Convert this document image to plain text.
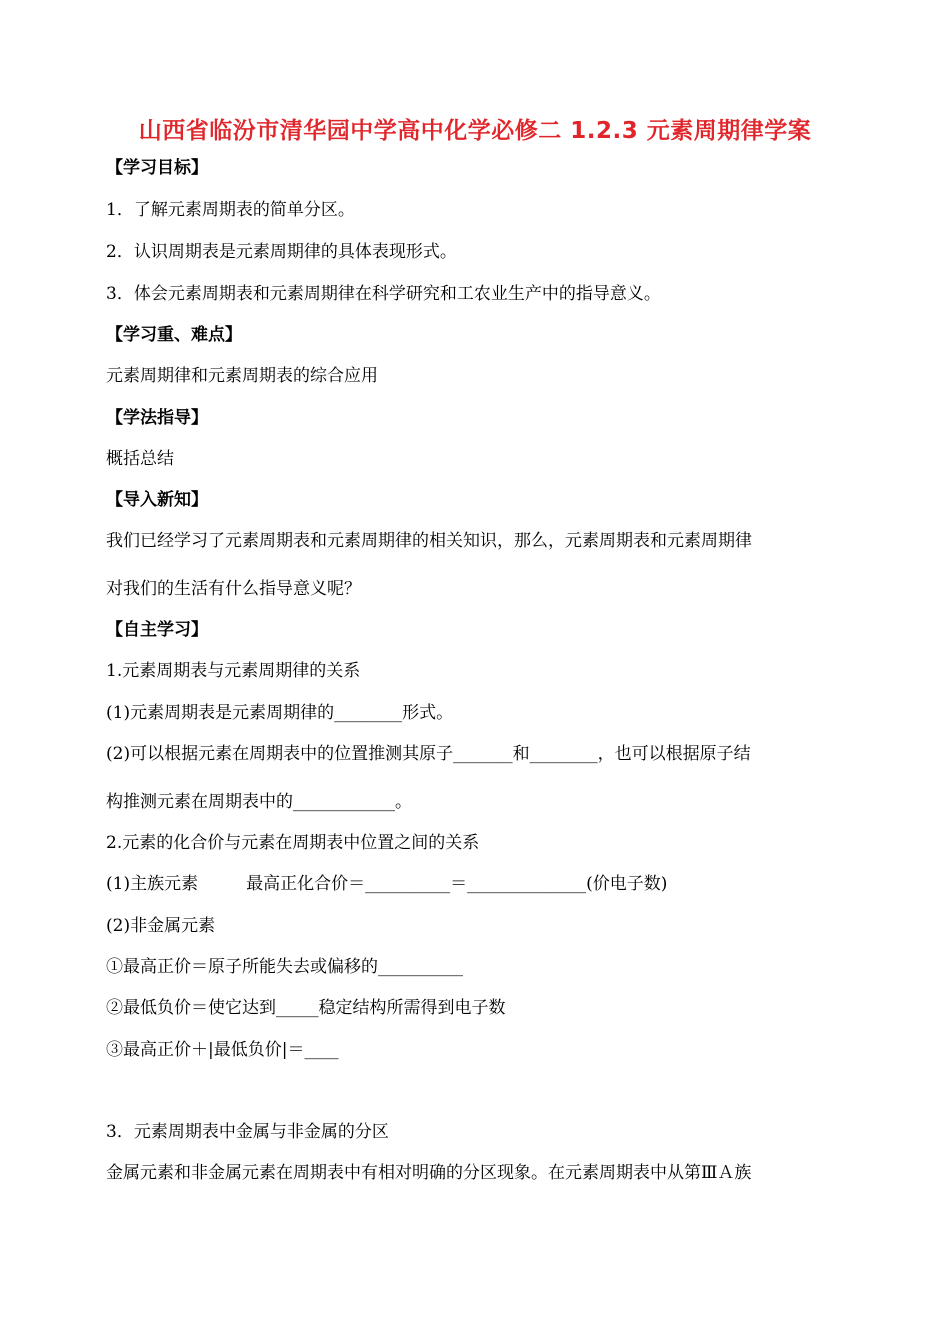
山西省临汾市清华园中学高中化学必修二 1.2.3 元素周期律学案
【学习目标】
1．了解元素周期表的简单分区。
2．认识周期表是元素周期律的具体表现形式。
3．体会元素周期表和元素周期律在科学研究和工农业生产中的指导意义。
【学习重、难点】
元素周期律和元素周期表的综合应用
【学法指导】
概括总结
【导入新知】
我们已经学习了元素周期表和元素周期律的相关知识，那么，元素周期表和元素周期律
对我们的生活有什么指导意义呢？
【自主学习】
1.元素周期表与元素周期律的关系
(1)元素周期表是元素周期律的________形式。
(2)可以根据元素在周期表中的位置推测其原子_______和________，也可以根据原子结
构推测元素在周期表中的____________。
2.元素的化合价与元素在周期表中位置之间的关系
(1)主族元素	最高正化合价＝__________＝______________(价电子数)
(2)非金属元素
①最高正价＝原子所能失去或偏移的__________
②最低负价＝使它达到_____稳定结构所需得到电子数
③最高正价＋|最低负价|＝____
3．元素周期表中金属与非金属的分区
金属元素和非金属元素在周期表中有相对明确的分区现象。在元素周期表中从第ⅢＡ族
